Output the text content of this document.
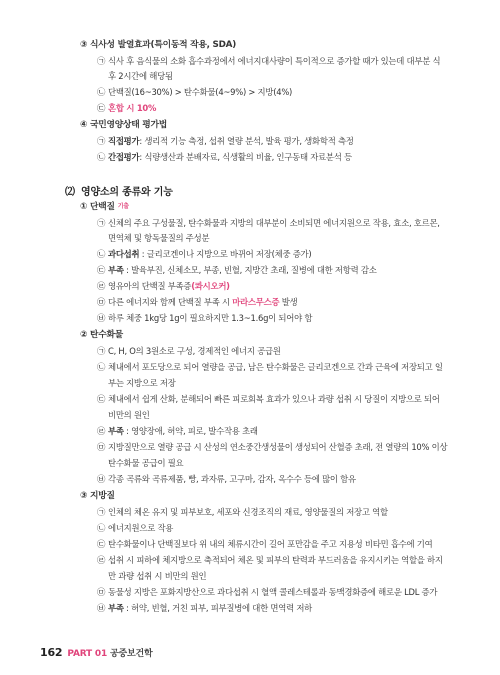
③ 식사성 발열효과(특이동적 작용, SDA)
㉠ 식사 후 음식물의 소화 흡수과정에서 에너지대사량이 특이적으로 증가할 때가 있는데 대부분 식
후 2시간에 해당됨
㉡ 단백질(16~30%) > 탄수화물(4~9%) > 지방(4%)
㉢ 혼합 시 10%
④ 국민영양상태 평가법
㉠ 직접평가: 생리적 기능 측정, 섭취 열량 분석, 발육 평가, 생화학적 측정
㉡ 간접평가: 식량생산과 분배자료, 식생활의 비율, 인구동태 자료분석 등
⑵ 영양소의 종류와 기능
① 단백질 기출
㉠ 신체의 주요 구성물질, 탄수화물과 지방의 대부분이 소비되면 에너지원으로 작용, 효소, 호르몬,
면역체 및 항독물질의 주성분
㉡ 과다섭취 : 글리코겐이나 지방으로 바뀌어 저장(체중 증가)
㉢ 부족 : 발육부진, 신체소모, 부종, 빈혈, 지방간 초래, 질병에 대한 저항력 감소
㉣ 영유아의 단백질 부족증(콰시오커)
㉤ 다른 에너지와 함께 단백질 부족 시 마라스무스증 발생
㉥ 하루 체중 1kg당 1g이 필요하지만 1.3~1.6g이 되어야 함
② 탄수화물
㉠ C, H, O의 3원소로 구성, 경제적인 에너지 공급원
㉡ 체내에서 포도당으로 되어 열량을 공급, 남은 탄수화물은 글리코겐으로 간과 근육에 저장되고 일
부는 지방으로 저장
㉢ 체내에서 쉽게 산화, 분해되어 빠른 피로회복 효과가 있으나 과량 섭취 시 당질이 지방으로 되어
비만의 원인
㉣ 부족 : 영양장애, 허약, 피로, 발수작용 초래
㉤ 지방질만으로 열량 공급 시 산성의 연소중간생성물이 생성되어 산혈증 초래, 전 열량의 10% 이상
탄수화물 공급이 필요
㉥ 각종 곡류와 곡류제품, 빵, 과자류, 고구마, 감자, 옥수수 등에 많이 함유
③ 지방질
㉠ 인체의 체온 유지 및 피부보호, 세포와 신경조직의 재료, 영양물질의 저장고 역할
㉡ 에너지원으로 작용
㉢ 탄수화물이나 단백질보다 위 내의 체류시간이 길어 포만감을 주고 지용성 비타민 흡수에 기여
㉣ 섭취 시 피하에 체지방으로 축적되어 체온 및 피부의 탄력과 부드러움을 유지시키는 역할을 하지
만 과량 섭취 시 비만의 원인
㉤ 동물성 지방은 포화지방산으로 과다섭취 시 혈액 콜레스테롤과 동맥경화증에 해로운 LDL 증가
㉥ 부족 : 허약, 빈혈, 거친 피부, 피부질병에 대한 면역력 저하
162 PART 01 공중보건학
